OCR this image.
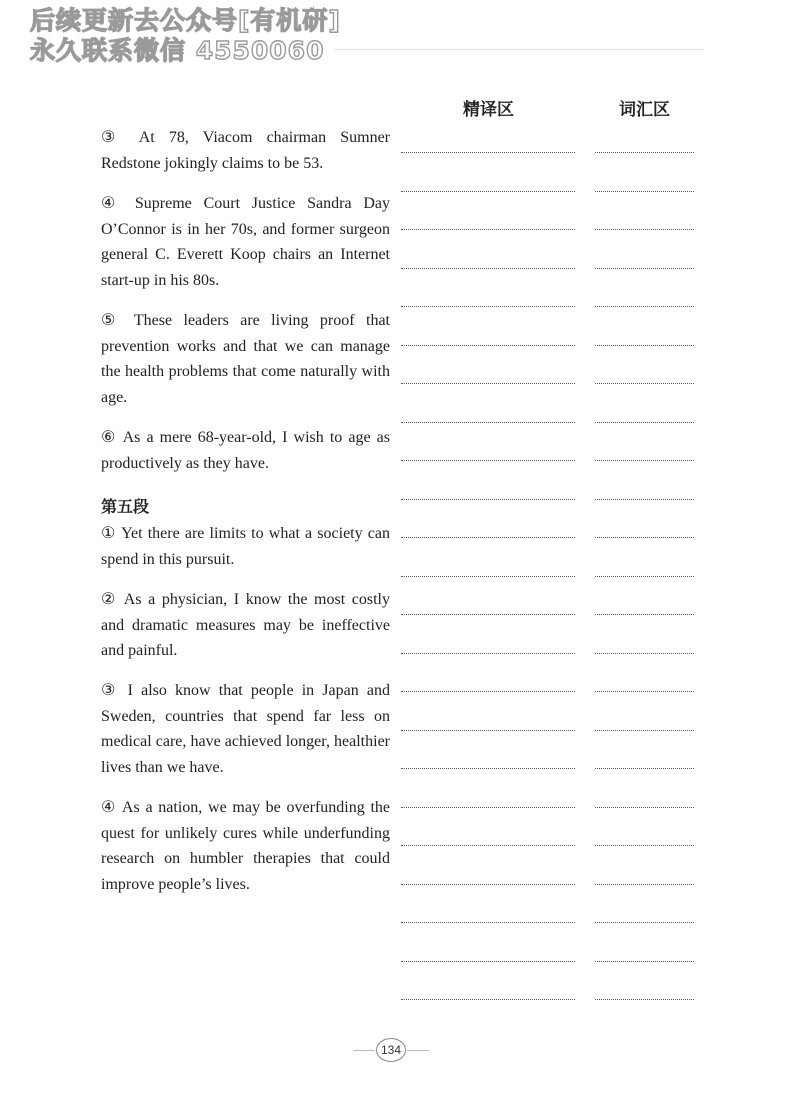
后续更新去公众号[有机研]
永久联系微信 4550060
精译区	词汇区
③ At 78, Viacom chairman Sumner Redstone jokingly claims to be 53.
④ Supreme Court Justice Sandra Day O’Connor is in her 70s, and former surgeon general C. Everett Koop chairs an Internet start-up in his 80s.
⑤ These leaders are living proof that prevention works and that we can manage the health problems that come naturally with age.
⑥ As a mere 68-year-old, I wish to age as productively as they have.
第五段
① Yet there are limits to what a society can spend in this pursuit.
② As a physician, I know the most costly and dramatic measures may be ineffective and painful.
③ I also know that people in Japan and Sweden, countries that spend far less on medical care, have achieved longer, healthier lives than we have.
④ As a nation, we may be overfunding the quest for unlikely cures while underfunding research on humbler therapies that could improve people’s lives.
134
